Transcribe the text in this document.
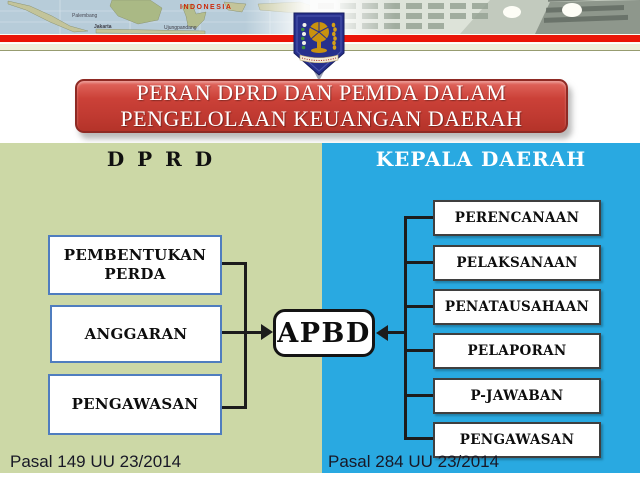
INDONESIA
Palembang
Jakarta	Ujungpandang
PERAN DPRD DAN PEMDA DALAM
PENGELOLAAN KEUANGAN DAERAH
D P R D	KEPALA DAERAH
PEMBENTUKAN PERDA
ANGGARAN
PENGAWASAN
APBD
PERENCANAAN
PELAKSANAAN
PENATAUSAHAAN
PELAPORAN
P-JAWABAN
PENGAWASAN
Pasal 149 UU 23/2014	Pasal 284 UU 23/2014
